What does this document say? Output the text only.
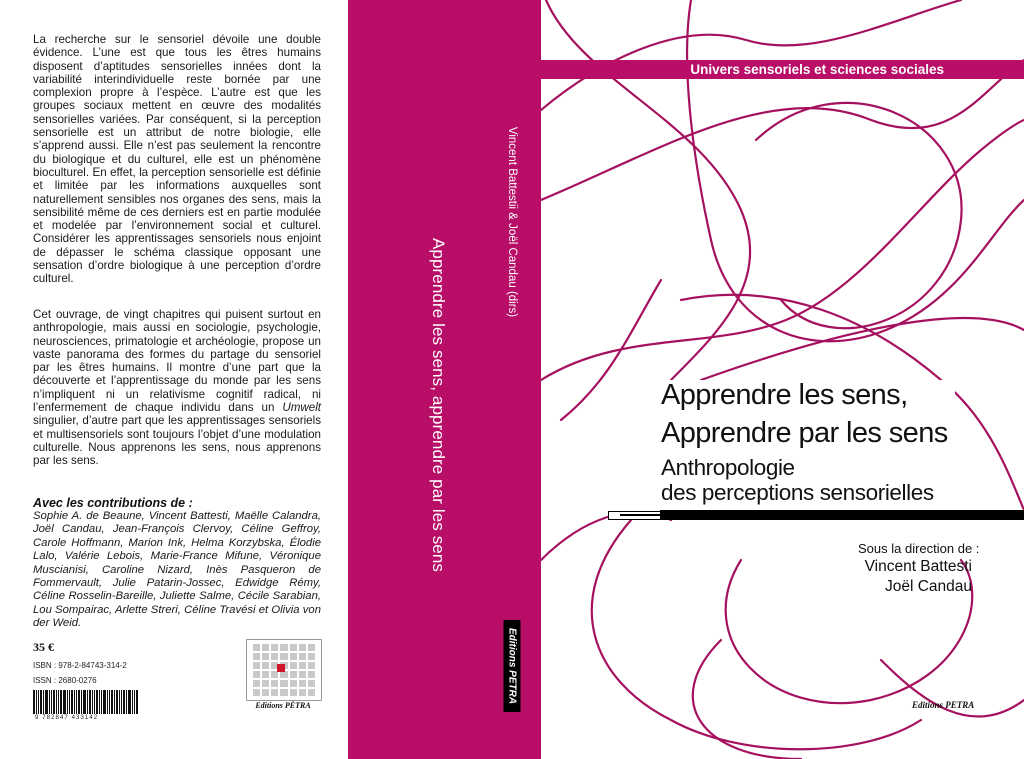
La recherche sur le sensoriel dévoile une double évidence. L’une est que tous les êtres humains disposent d’aptitudes sensorielles innées dont la variabilité interindividuelle reste bornée par une complexion propre à l’espèce. L’autre est que les groupes sociaux mettent en œuvre des modalités sensorielles variées. Par conséquent, si la perception sensorielle est un attribut de notre biologie, elle s’apprend aussi. Elle n’est pas seulement la rencontre du biologique et du culturel, elle est un phénomène bioculturel. En effet, la perception sensorielle est définie et limitée par les informations auxquelles sont naturellement sensibles nos organes des sens, mais la sensibilité même de ces derniers est en partie modulée et modelée par l’environnement social et culturel. Considérer les apprentissages sensoriels nous enjoint de dépasser le schéma classique opposant une sensation d’ordre biologique à une perception d’ordre culturel.
Cet ouvrage, de vingt chapitres qui puisent surtout en anthropologie, mais aussi en sociologie, psychologie, neurosciences, primatologie et archéologie, propose un vaste panorama des formes du partage du sensoriel par les êtres humains. Il montre d’une part que la découverte et l’apprentissage du monde par les sens n’impliquent ni un relativisme cognitif radical, ni l’enfermement de chaque individu dans un Umwelt singulier, d’autre part que les apprentissages sensoriels et multisensoriels sont toujours l’objet d’une modulation culturelle. Nous apprenons les sens, nous apprenons par les sens.
Avec les contributions de :
Sophie A. de Beaune, Vincent Battesti, Maëlle Calandra, Joël Candau, Jean-François Clervoy, Céline Geffroy, Carole Hoffmann, Marion Ink, Helma Korzybska, Élodie Lalo, Valérie Lebois, Marie-France Mifune, Véronique Muscianisi, Caroline Nizard, Inès Pasqueron de Fommervault, Julie Patarin-Jossec, Edwidge Rémy, Céline Rosselin-Bareille, Juliette Salme, Cécile Sarabian, Lou Sompairac, Arlette Streri, Céline Travési et Olivia von der Weid.
35 €
ISBN : 978-2-84743-314-2
ISSN : 2680-0276
9 782847 433142
Editions PÉTRA
Apprendre les sens, apprendre par les sens
Vincent Battestii & Joël Candau (dirs)
Editions PETRA
Univers sensoriels et sciences sociales
Apprendre les sens,
Apprendre par les sens
Anthropologie
des perceptions sensorielles
Sous la direction de :
Vincent Battesti
Joël Candau
Editions PETRA
